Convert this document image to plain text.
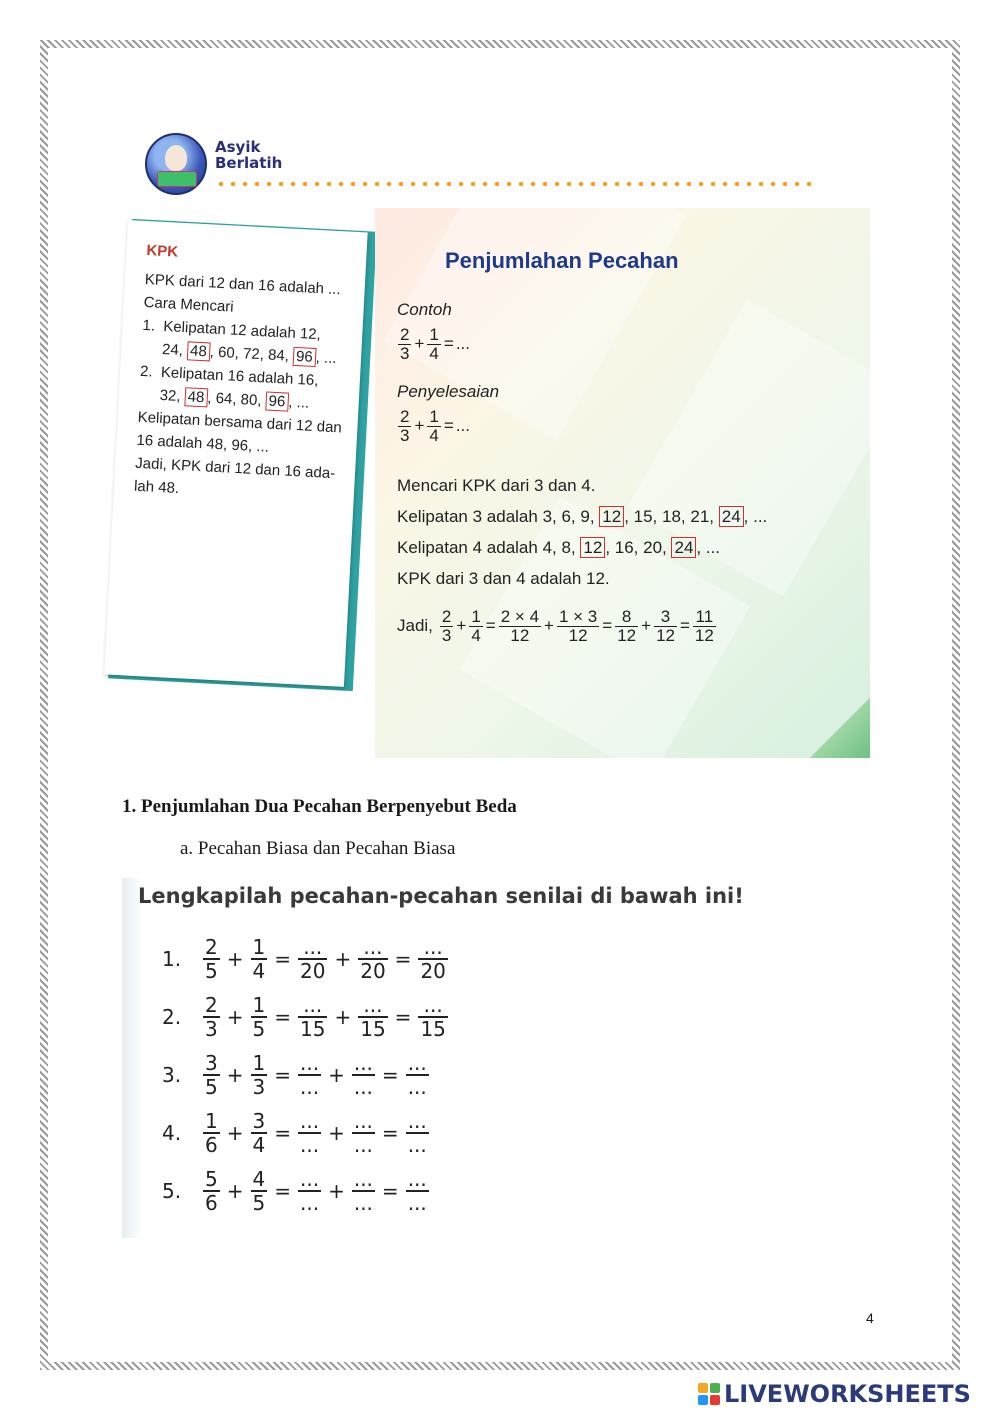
Asyik
Berlatih
KPK
KPK dari 12 dan 16 adalah ...
Cara Mencari
1. Kelipatan 12 adalah 12,
24, 48 , 60, 72, 84, 96 , ...
2. Kelipatan 16 adalah 16,
32, 48 , 64, 80, 96 , ...
Kelipatan bersama dari 12 dan
16 adalah 48, 96, ...
Jadi, KPK dari 12 dan 16 ada-
lah 48.
Penjumlahan Pecahan
Contoh
$\frac{2}{3} + \frac{1}{4}$ = ...
Penyelesaian
$\frac{2}{3} + \frac{1}{4}$ = ...
Mencari KPK dari 3 dan 4.
Kelipatan 3 adalah 3, 6, 9, 12 , 15, 18, 21, 24 , ...
Kelipatan 4 adalah 4, 8, 12 , 16, 20, 24 , ...
KPK dari 3 dan 4 adalah 12.
Jadi, $\frac{2}{3} + \frac{1}{4} = \frac{2 \times 4}{12} + \frac{1 \times 3}{12} = \frac{8}{12} + \frac{3}{12} = \frac{11}{12}$
1. Penjumlahan Dua Pecahan Berpenyebut Beda
a. Pecahan Biasa dan Pecahan Biasa
Lengkapilah pecahan-pecahan senilai di bawah ini!
1.	$\frac{2}{5} + \frac{1}{4} = \frac{...}{20} + \frac{...}{20} = \frac{...}{20}$
2.	$\frac{2}{3} + \frac{1}{5} = \frac{...}{15} + \frac{...}{15} = \frac{...}{15}$
3.	$\frac{3}{5} + \frac{1}{3} = \frac{...}{...} + \frac{...}{...} = \frac{...}{...}$
4.	$\frac{1}{6} + \frac{3}{4} = \frac{...}{...} + \frac{...}{...} = \frac{...}{...}$
5.	$\frac{5}{6} + \frac{4}{5} = \frac{...}{...} + \frac{...}{...} = \frac{...}{...}$
4
LIVEWORKSHEETS
